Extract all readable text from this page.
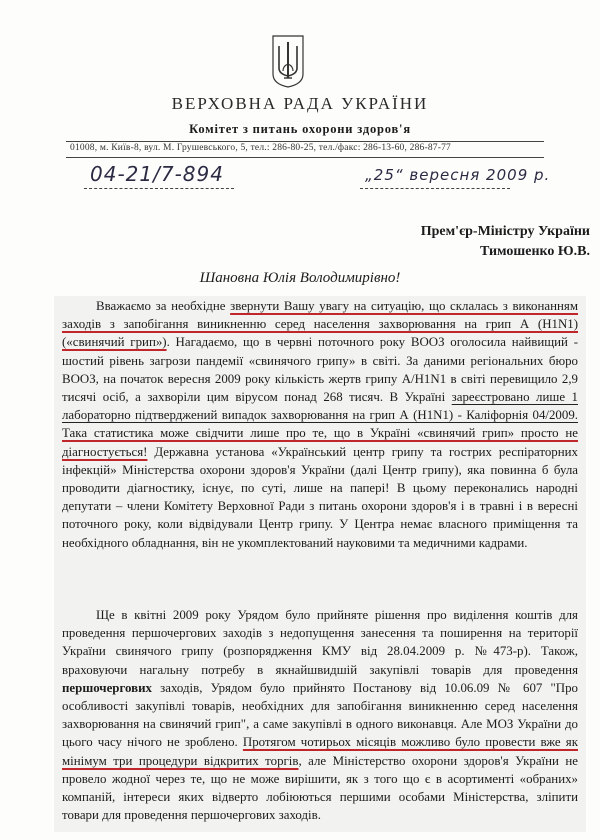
ВЕРХОВНА РАДА УКРАЇНИ
Комітет з питань охорони здоров'я
01008, м. Київ-8, вул. М. Грушевського, 5, тел.: 286-80-25, тел./факс: 286-13-60, 286-87-77
04-21/7-894	„25“ вересня 2009 р.
Прем'єр-Міністру України
Тимошенко Ю.В.
Шановна Юлія Володимирівно!

Вважаємо за необхідне звернути Вашу увагу на ситуацію, що склалась з виконанням заходів з запобігання виникненню серед населення захворювання на грип А (Н1N1) («свинячий грип»). Нагадаємо, що в червні поточного року ВООЗ оголосила найвищий - шостий рівень загрози пандемії «свинячого грипу» в світі. За даними регіональних бюро ВООЗ, на початок вересня 2009 року кількість жертв грипу А/H1N1 в світі перевищило 2,9 тисячі осіб, а захворіли цим вірусом понад 268 тисяч. В Україні зареєстровано лише 1 лабораторно підтверджений випадок захворювання на грип А (H1N1) - Каліфорнія 04/2009. Така статистика може свідчити лише про те, що в Україні «свинячий грип» просто не діагностується! Державна установа «Український центр грипу та гострих респіраторних інфекцій» Міністерства охорони здоров'я України (далі Центр грипу), яка повинна б була проводити діагностику, існує, по суті, лише на папері! В цьому переконались народні депутати – члени Комітету Верховної Ради з питань охорони здоров'я і в травні і в вересні поточного року, коли відвідували Центр грипу. У Центра немає власного приміщення та необхідного обладнання, він не укомплектований науковими та медичними кадрами.

Ще в квітні 2009 року Урядом було прийняте рішення про виділення коштів для проведення першочергових заходів з недопущення занесення та поширення на території України свинячого грипу (розпорядження КМУ від 28.04.2009 р. №473-р). Також, враховуючи нагальну потребу в якнайшвидшій закупівлі товарів для проведення першочергових заходів, Урядом було прийнято Постанову від 10.06.09 № 607 "Про особливості закупівлі товарів, необхідних для запобігання виникненню серед населення захворювання на свинячий грип", а саме закупівлі в одного виконавця. Але МОЗ України до цього часу нічого не зроблено. Протягом чотирьох місяців можливо було провести вже як мінімум три процедури відкритих торгів, але Міністерство охорони здоров'я України не провело жодної через те, що не може вирішити, як з того що є в асортименті «обраних» компаній, інтереси яких відверто лобіюються першими особами Міністерства, зліпити товари для проведення першочергових заходів.
